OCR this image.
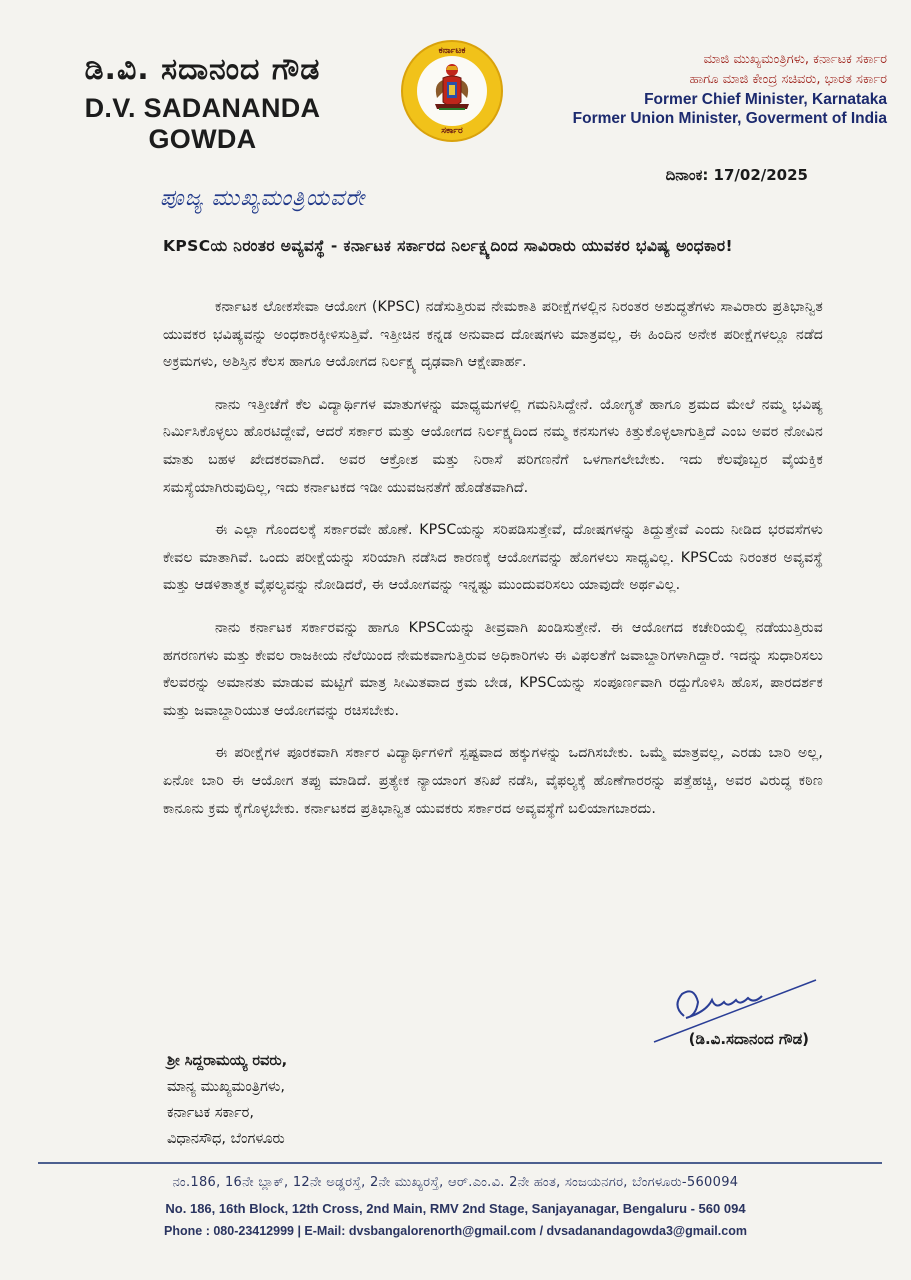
ಡಿ.ವಿ. ಸದಾನಂದ ಗೌಡ
D.V. SADANANDA GOWDA
ಕರ್ನಾಟಕ
ಸರ್ಕಾರ
ಮಾಜಿ ಮುಖ್ಯಮಂತ್ರಿಗಳು, ಕರ್ನಾಟಕ ಸರ್ಕಾರ
ಹಾಗೂ ಮಾಜಿ ಕೇಂದ್ರ ಸಚಿವರು, ಭಾರತ ಸರ್ಕಾರ
Former Chief Minister, Karnataka
Former Union Minister, Goverment of India
ದಿನಾಂಕ: 17/02/2025
ಪೂಜ್ಯ ಮುಖ್ಯಮಂತ್ರಿಯವರೇ
KPSCಯ ನಿರಂತರ ಅವ್ಯವಸ್ಥೆ - ಕರ್ನಾಟಕ ಸರ್ಕಾರದ ನಿರ್ಲಕ್ಷ್ಯದಿಂದ ಸಾವಿರಾರು ಯುವಕರ ಭವಿಷ್ಯ ಅಂಧಕಾರ!

ಕರ್ನಾಟಕ ಲೋಕಸೇವಾ ಆಯೋಗ (KPSC) ನಡೆಸುತ್ತಿರುವ ನೇಮಕಾತಿ ಪರೀಕ್ಷೆಗಳಲ್ಲಿನ ನಿರಂತರ ಅಶುದ್ಧತೆಗಳು ಸಾವಿರಾರು ಪ್ರತಿಭಾನ್ವಿತ ಯುವಕರ ಭವಿಷ್ಯವನ್ನು ಅಂಧಕಾರಕ್ಕೀಳಿಸುತ್ತಿವೆ. ಇತ್ತೀಚಿನ ಕನ್ನಡ ಅನುವಾದ ದೋಷಗಳು ಮಾತ್ರವಲ್ಲ, ಈ ಹಿಂದಿನ ಅನೇಕ ಪರೀಕ್ಷೆಗಳಲ್ಲೂ ನಡೆದ ಅಕ್ರಮಗಳು, ಅಶಿಸ್ತಿನ ಕೆಲಸ ಹಾಗೂ ಆಯೋಗದ ನಿರ್ಲಕ್ಷ್ಯ ದೃಢವಾಗಿ ಆಕ್ಷೇಪಾರ್ಹ.

ನಾನು ಇತ್ತೀಚೆಗೆ ಕೆಲ ವಿದ್ಯಾರ್ಥಿಗಳ ಮಾತುಗಳನ್ನು ಮಾಧ್ಯಮಗಳಲ್ಲಿ ಗಮನಿಸಿದ್ದೇನೆ. ಯೋಗ್ಯತೆ ಹಾಗೂ ಶ್ರಮದ ಮೇಲೆ ನಮ್ಮ ಭವಿಷ್ಯ ನಿರ್ಮಿಸಿಕೊಳ್ಳಲು ಹೊರಟಿದ್ದೇವೆ, ಆದರೆ ಸರ್ಕಾರ ಮತ್ತು ಆಯೋಗದ ನಿರ್ಲಕ್ಷ್ಯದಿಂದ ನಮ್ಮ ಕನಸುಗಳು ಕಿತ್ತುಕೊಳ್ಳಲಾಗುತ್ತಿದೆ ಎಂಬ ಅವರ ನೋವಿನ ಮಾತು ಬಹಳ ಖೇದಕರವಾಗಿದೆ. ಅವರ ಆಕ್ರೋಶ ಮತ್ತು ನಿರಾಸೆ ಪರಿಗಣನೆಗೆ ಒಳಗಾಗಲೇಬೇಕು. ಇದು ಕೆಲವೊಬ್ಬರ ವೈಯಕ್ತಿಕ ಸಮಸ್ಯೆಯಾಗಿರುವುದಿಲ್ಲ, ಇದು ಕರ್ನಾಟಕದ ಇಡೀ ಯುವಜನತೆಗೆ ಹೊಡೆತವಾಗಿದೆ.

ಈ ಎಲ್ಲಾ ಗೊಂದಲಕ್ಕೆ ಸರ್ಕಾರವೇ ಹೊಣೆ. KPSCಯನ್ನು ಸರಿಪಡಿಸುತ್ತೇವೆ, ದೋಷಗಳನ್ನು ತಿದ್ದುತ್ತೇವೆ ಎಂದು ನೀಡಿದ ಭರವಸೆಗಳು ಕೇವಲ ಮಾತಾಗಿವೆ. ಒಂದು ಪರೀಕ್ಷೆಯನ್ನು ಸರಿಯಾಗಿ ನಡೆಸಿದ ಕಾರಣಕ್ಕೆ ಆಯೋಗವನ್ನು ಹೊಗಳಲು ಸಾಧ್ಯವಿಲ್ಲ. KPSCಯ ನಿರಂತರ ಅವ್ಯವಸ್ಥೆ ಮತ್ತು ಆಡಳಿತಾತ್ಮಕ ವೈಫಲ್ಯವನ್ನು ನೋಡಿದರೆ, ಈ ಆಯೋಗವನ್ನು ಇನ್ನಷ್ಟು ಮುಂದುವರಿಸಲು ಯಾವುದೇ ಅರ್ಥವಿಲ್ಲ.

ನಾನು ಕರ್ನಾಟಕ ಸರ್ಕಾರವನ್ನು ಹಾಗೂ KPSCಯನ್ನು ತೀವ್ರವಾಗಿ ಖಂಡಿಸುತ್ತೇನೆ. ಈ ಆಯೋಗದ ಕಚೇರಿಯಲ್ಲಿ ನಡೆಯುತ್ತಿರುವ ಹಗರಣಗಳು ಮತ್ತು ಕೇವಲ ರಾಜಕೀಯ ನೆಲೆಯಿಂದ ನೇಮಕವಾಗುತ್ತಿರುವ ಅಧಿಕಾರಿಗಳು ಈ ವಿಫಲತೆಗೆ ಜವಾಬ್ದಾರಿಗಳಾಗಿದ್ದಾರೆ. ಇದನ್ನು ಸುಧಾರಿಸಲು ಕೆಲವರನ್ನು ಅಮಾನತು ಮಾಡುವ ಮಟ್ಟಿಗೆ ಮಾತ್ರ ಸೀಮಿತವಾದ ಕ್ರಮ ಬೇಡ, KPSCಯನ್ನು ಸಂಪೂರ್ಣವಾಗಿ ರದ್ದುಗೊಳಿಸಿ ಹೊಸ, ಪಾರದರ್ಶಕ ಮತ್ತು ಜವಾಬ್ದಾರಿಯುತ ಆಯೋಗವನ್ನು ರಚಿಸಬೇಕು.

ಈ ಪರೀಕ್ಷೆಗಳ ಪೂರಕವಾಗಿ ಸರ್ಕಾರ ವಿದ್ಯಾರ್ಥಿಗಳಿಗೆ ಸ್ಪಷ್ಟವಾದ ಹಕ್ಕುಗಳನ್ನು ಒದಗಿಸಬೇಕು. ಒಮ್ಮೆ ಮಾತ್ರವಲ್ಲ, ಎರಡು ಬಾರಿ ಅಲ್ಲ, ಏನೋ ಬಾರಿ ಈ ಆಯೋಗ ತಪ್ಪು ಮಾಡಿದೆ. ಪ್ರತ್ಯೇಕ ನ್ಯಾಯಾಂಗ ತನಿಖೆ ನಡೆಸಿ, ವೈಫಲ್ಯಕ್ಕೆ ಹೊಣೆಗಾರರನ್ನು ಪತ್ತೆಹಚ್ಚಿ, ಅವರ ವಿರುದ್ಧ ಕಠಿಣ ಕಾನೂನು ಕ್ರಮ ಕೈಗೊಳ್ಳಬೇಕು. ಕರ್ನಾಟಕದ ಪ್ರತಿಭಾನ್ವಿತ ಯುವಕರು ಸರ್ಕಾರದ ಅವ್ಯವಸ್ಥೆಗೆ ಬಲಿಯಾಗಬಾರದು.

(ಡಿ.ವಿ.ಸದಾನಂದ ಗೌಡ)
ಶ್ರೀ ಸಿದ್ದರಾಮಯ್ಯ ರವರು,
ಮಾನ್ಯ ಮುಖ್ಯಮಂತ್ರಿಗಳು,
ಕರ್ನಾಟಕ ಸರ್ಕಾರ,
ವಿಧಾನಸೌಧ, ಬೆಂಗಳೂರು
ನಂ.186, 16ನೇ ಬ್ಲಾಕ್, 12ನೇ ಅಡ್ಡರಸ್ತೆ, 2ನೇ ಮುಖ್ಯರಸ್ತೆ, ಆರ್.ಎಂ.ವಿ. 2ನೇ ಹಂತ, ಸಂಜಯನಗರ, ಬೆಂಗಳೂರು-560094
No. 186, 16th Block, 12th Cross, 2nd Main, RMV 2nd Stage, Sanjayanagar, Bengaluru - 560 094
Phone : 080-23412999 | E-Mail: dvsbangalorenorth@gmail.com / dvsadanandagowda3@gmail.com
